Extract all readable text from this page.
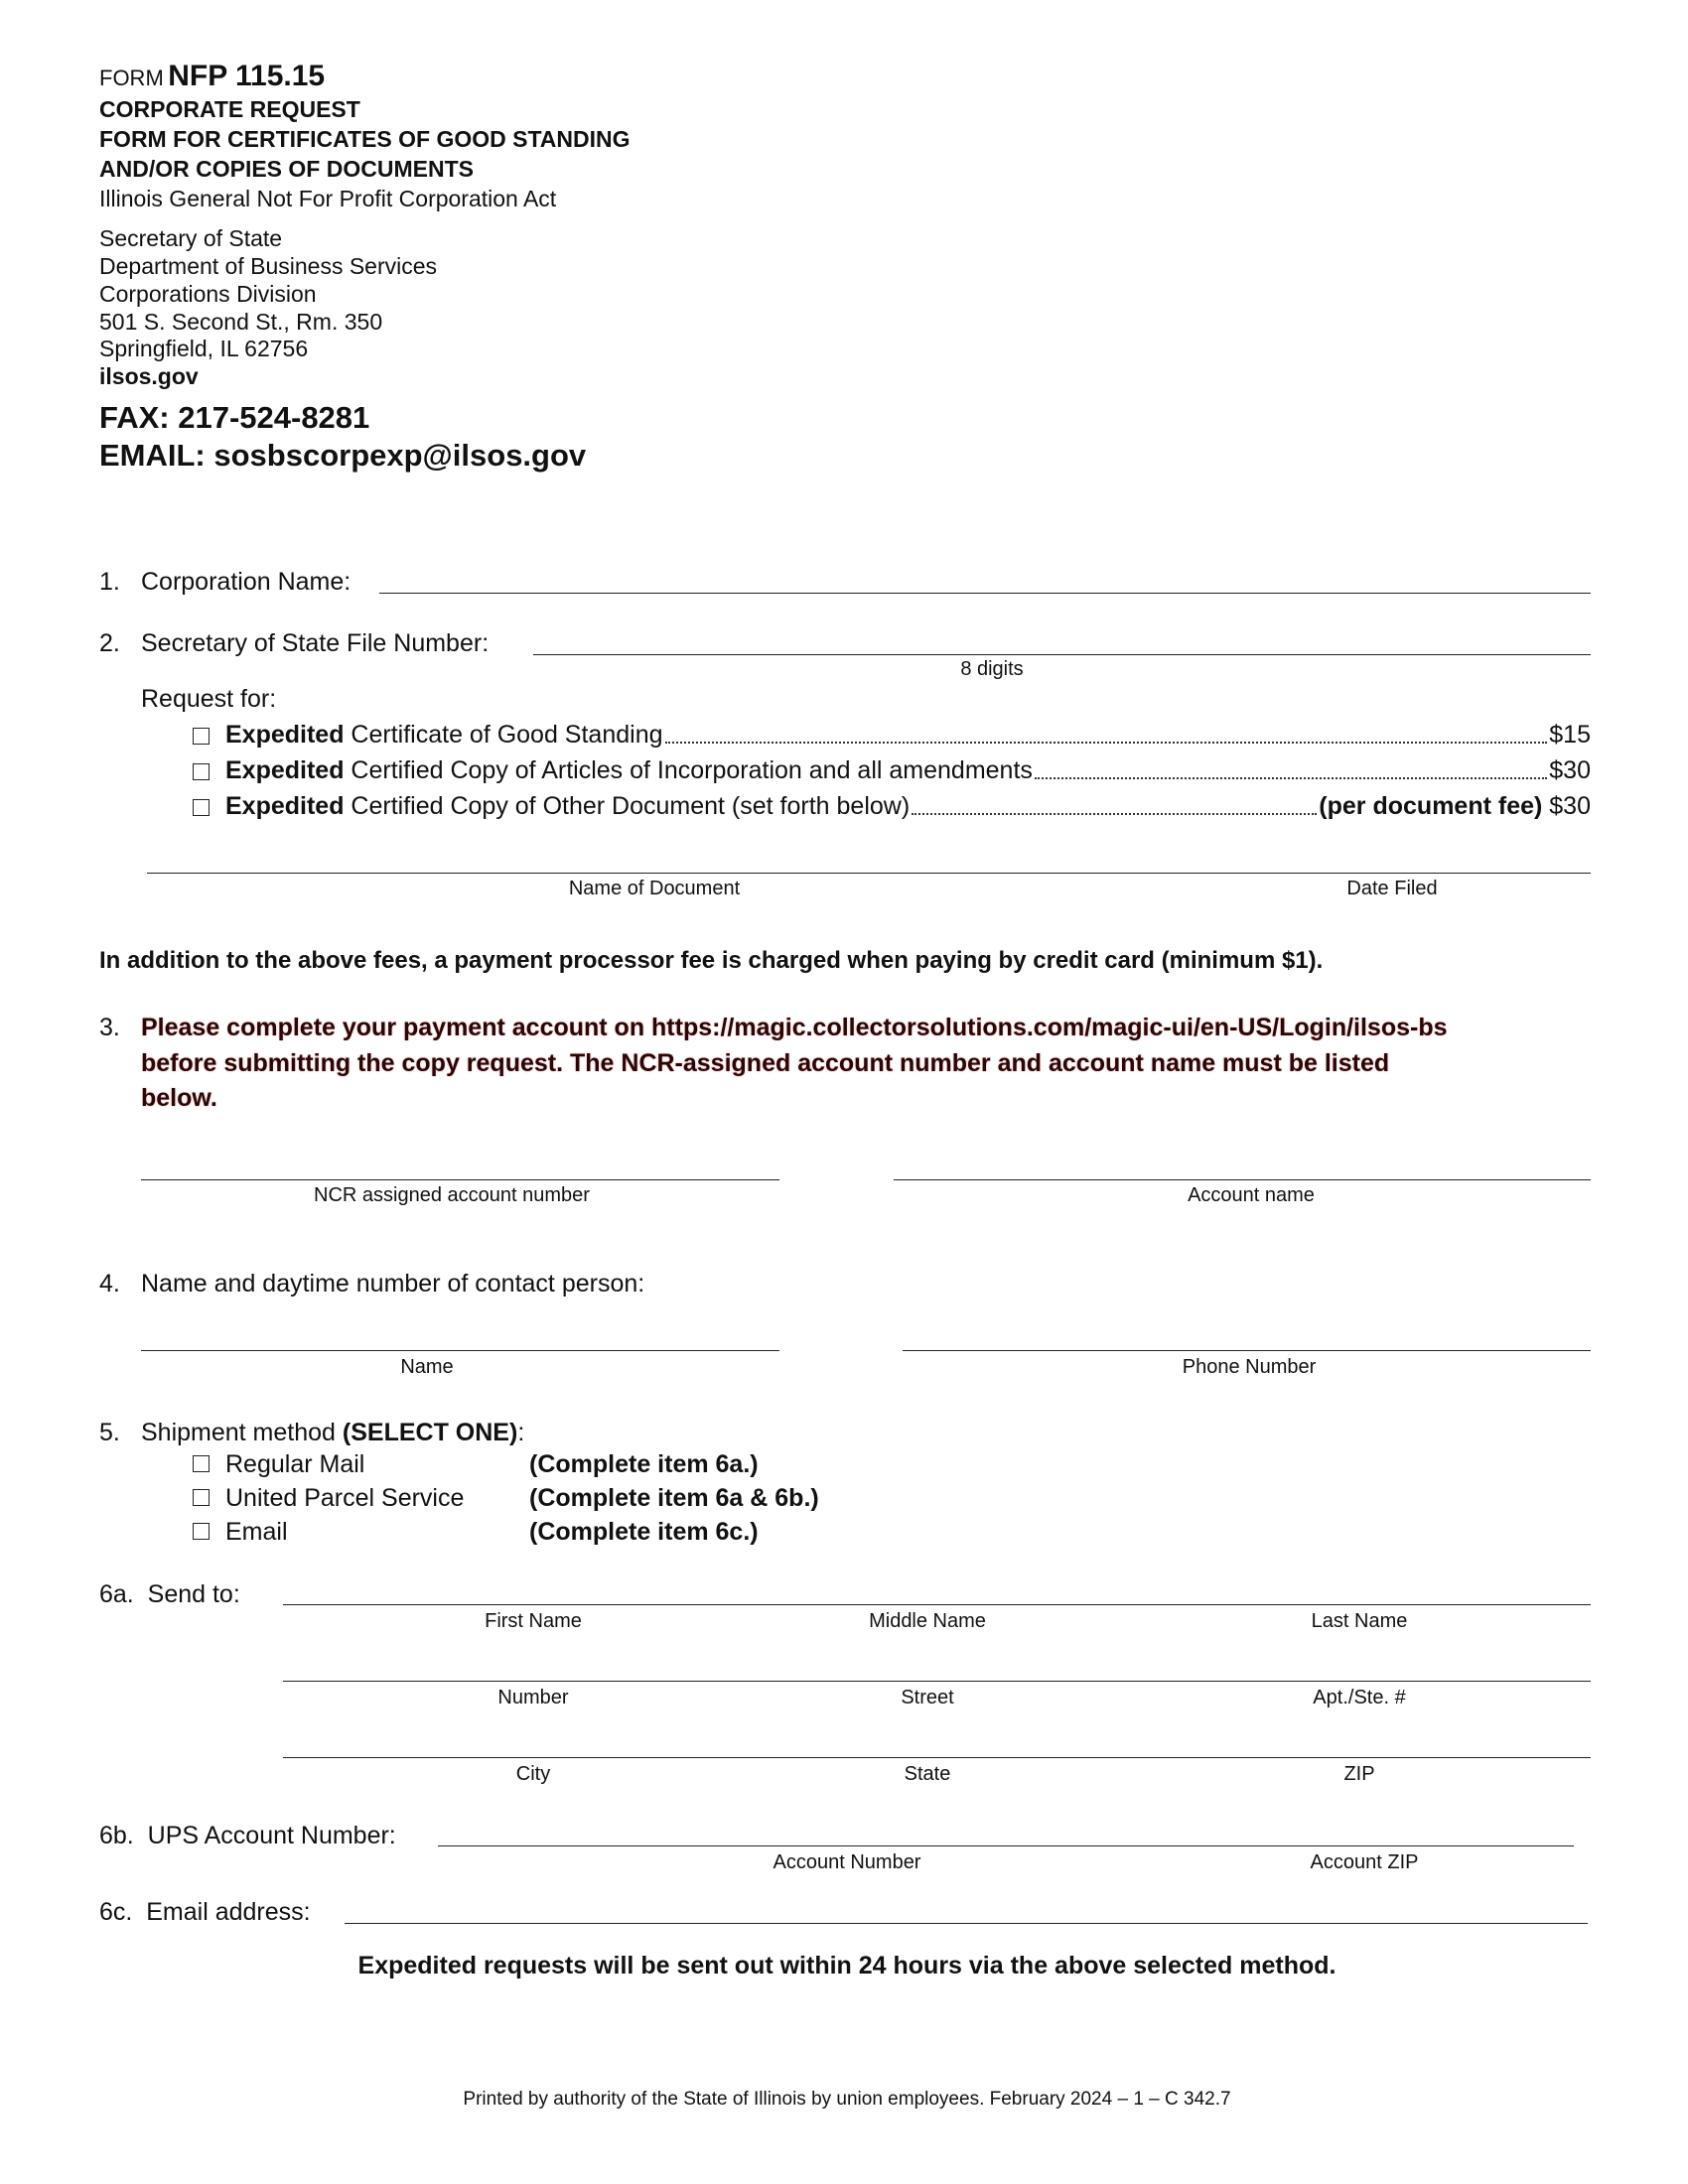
FORM NFP 115.15
CORPORATE REQUEST
FORM FOR CERTIFICATES OF GOOD STANDING
AND/OR COPIES OF DOCUMENTS
Illinois General Not For Profit Corporation Act
Secretary of State
Department of Business Services
Corporations Division
501 S. Second St., Rm. 350
Springfield, IL 62756
ilsos.gov
FAX: 217-524-8281
EMAIL: sosbscorpexp@ilsos.gov
1. Corporation Name:
2. Secretary of State File Number:
8 digits
Request for:
Expedited Certificate of Good Standing	$15
Expedited Certified Copy of Articles of Incorporation and all amendments	$30
Expedited Certified Copy of Other Document (set forth below)	(per document fee) $30
Name of Document	Date Filed
In addition to the above fees, a payment processor fee is charged when paying by credit card (minimum $1).
3. Please complete your payment account on https://magic.collectorsolutions.com/magic-ui/en-US/Login/ilsos-bs
before submitting the copy request. The NCR-assigned account number and account name must be listed
below.
NCR assigned account number	Account name
4. Name and daytime number of contact person:
Name	Phone Number
5. Shipment method (SELECT ONE):
Regular Mail	(Complete item 6a.)
United Parcel Service	(Complete item 6a & 6b.)
Email	(Complete item 6c.)
6a.  Send to:
First Name	Middle Name	Last Name
Number	Street	Apt./Ste. #
City	State	ZIP
6b.  UPS Account Number:
Account Number	Account ZIP
6c.  Email address:
Expedited requests will be sent out within 24 hours via the above selected method.
Printed by authority of the State of Illinois by union employees. February 2024 – 1 – C 342.7
